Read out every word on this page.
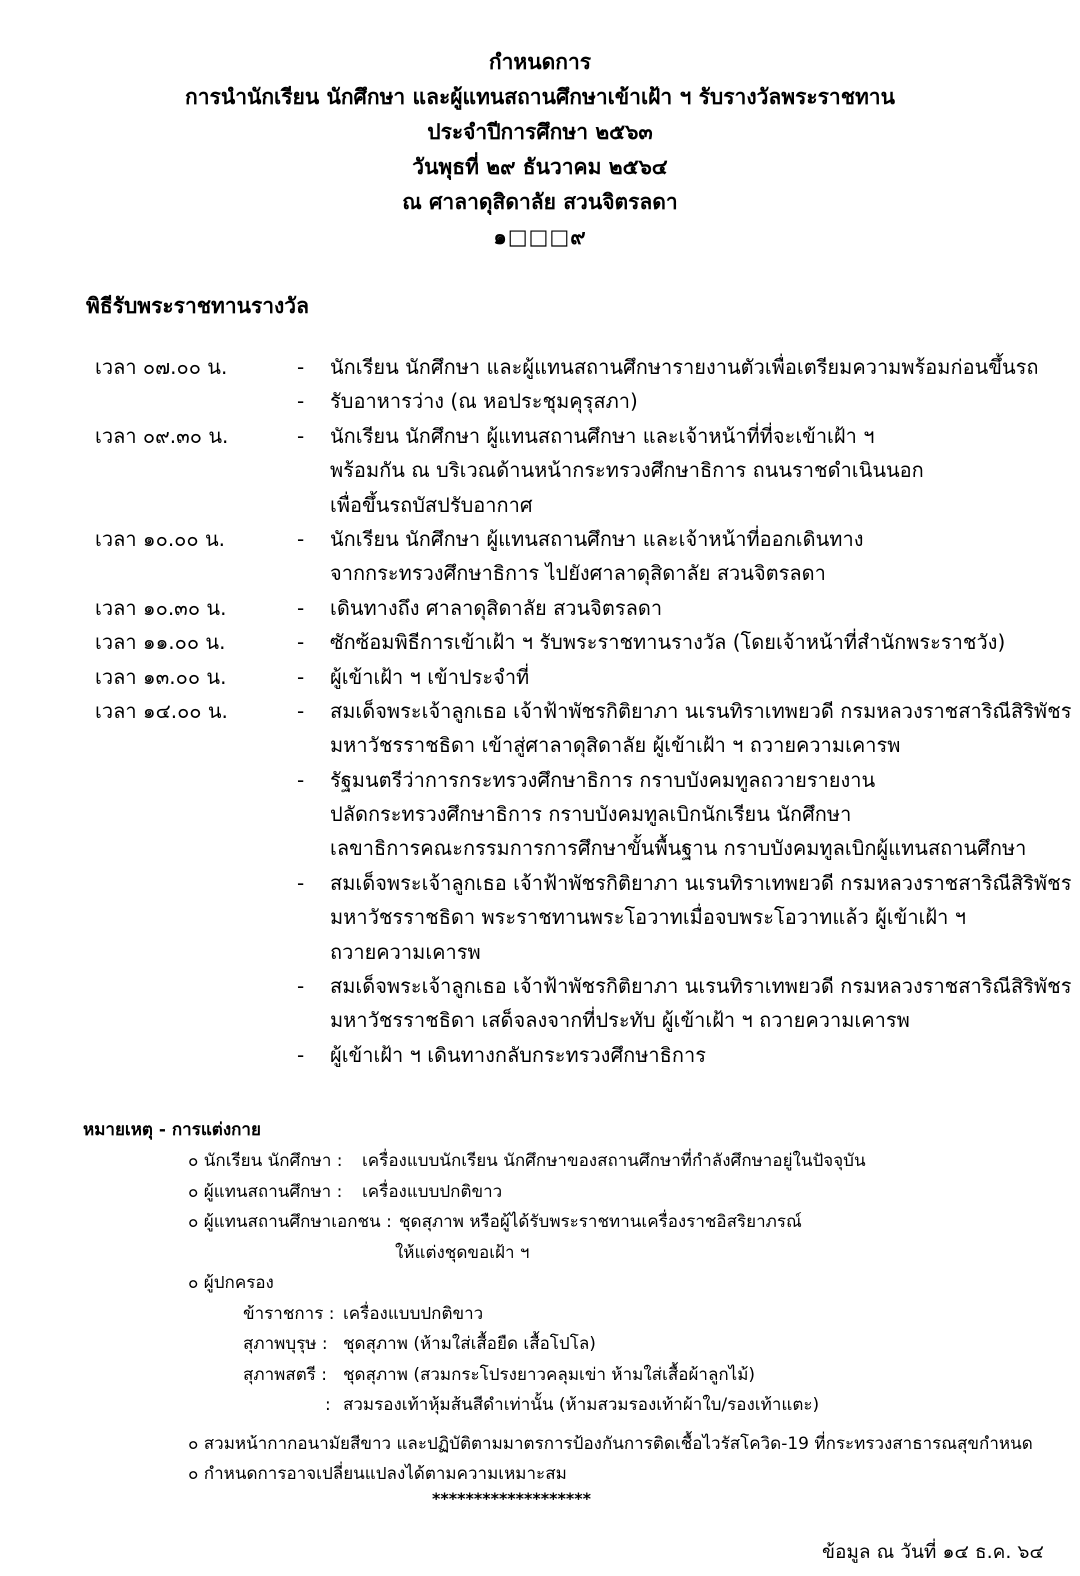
กำหนดการ
การนำนักเรียน นักศึกษา และผู้แทนสถานศึกษาเข้าเฝ้า ฯ รับรางวัลพระราชทาน
ประจำปีการศึกษา ๒๕๖๓
วันพุธที่ ๒๙ ธันวาคม ๒๕๖๔
ณ ศาลาดุสิดาลัย สวนจิตรลดา
๑□□□๙
พิธีรับพระราชทานรางวัล
เวลา ๐๗.๐๐ น.	- นักเรียน นักศึกษา และผู้แทนสถานศึกษารายงานตัวเพื่อเตรียมความพร้อมก่อนขึ้นรถ
- รับอาหารว่าง (ณ หอประชุมคุรุสภา)
เวลา ๐๙.๓๐ น.	- นักเรียน นักศึกษา ผู้แทนสถานศึกษา และเจ้าหน้าที่ที่จะเข้าเฝ้า ฯ
พร้อมกัน ณ บริเวณด้านหน้ากระทรวงศึกษาธิการ ถนนราชดำเนินนอก
เพื่อขึ้นรถบัสปรับอากาศ
เวลา ๑๐.๐๐ น.	- นักเรียน นักศึกษา ผู้แทนสถานศึกษา และเจ้าหน้าที่ออกเดินทาง
จากกระทรวงศึกษาธิการ ไปยังศาลาดุสิดาลัย สวนจิตรลดา
เวลา ๑๐.๓๐ น.	- เดินทางถึง ศาลาดุสิดาลัย สวนจิตรลดา
เวลา ๑๑.๐๐ น.	- ซักซ้อมพิธีการเข้าเฝ้า ฯ รับพระราชทานรางวัล (โดยเจ้าหน้าที่สำนักพระราชวัง)
เวลา ๑๓.๐๐ น.	- ผู้เข้าเฝ้า ฯ เข้าประจำที่
เวลา ๑๔.๐๐ น.	- สมเด็จพระเจ้าลูกเธอ เจ้าฟ้าพัชรกิติยาภา นเรนทิราเทพยวดี กรมหลวงราชสาริณีสิริพัชร
มหาวัชรราชธิดา เข้าสู่ศาลาดุสิดาลัย ผู้เข้าเฝ้า ฯ ถวายความเคารพ
- รัฐมนตรีว่าการกระทรวงศึกษาธิการ กราบบังคมทูลถวายรายงาน
ปลัดกระทรวงศึกษาธิการ กราบบังคมทูลเบิกนักเรียน นักศึกษา
เลขาธิการคณะกรรมการการศึกษาขั้นพื้นฐาน กราบบังคมทูลเบิกผู้แทนสถานศึกษา
- สมเด็จพระเจ้าลูกเธอ เจ้าฟ้าพัชรกิติยาภา นเรนทิราเทพยวดี กรมหลวงราชสาริณีสิริพัชร
มหาวัชรราชธิดา พระราชทานพระโอวาทเมื่อจบพระโอวาทแล้ว ผู้เข้าเฝ้า ฯ
ถวายความเคารพ
- สมเด็จพระเจ้าลูกเธอ เจ้าฟ้าพัชรกิติยาภา นเรนทิราเทพยวดี กรมหลวงราชสาริณีสิริพัชร
มหาวัชรราชธิดา เสด็จลงจากที่ประทับ ผู้เข้าเฝ้า ฯ ถวายความเคารพ
- ผู้เข้าเฝ้า ฯ เดินทางกลับกระทรวงศึกษาธิการ
หมายเหตุ - การแต่งกาย
๐ นักเรียน นักศึกษา : เครื่องแบบนักเรียน นักศึกษาของสถานศึกษาที่กำลังศึกษาอยู่ในปัจจุบัน
๐ ผู้แทนสถานศึกษา : เครื่องแบบปกติขาว
๐ ผู้แทนสถานศึกษาเอกชน : ชุดสุภาพ หรือผู้ได้รับพระราชทานเครื่องราชอิสริยาภรณ์
ให้แต่งชุดขอเฝ้า ฯ
๐ ผู้ปกครอง
ข้าราชการ : เครื่องแบบปกติขาว
สุภาพบุรุษ : ชุดสุภาพ (ห้ามใส่เสื้อยืด เสื้อโปโล)
สุภาพสตรี : ชุดสุภาพ (สวมกระโปรงยาวคลุมเข่า ห้ามใส่เสื้อผ้าลูกไม้)
: สวมรองเท้าหุ้มส้นสีดำเท่านั้น (ห้ามสวมรองเท้าผ้าใบ/รองเท้าแตะ)
๐ สวมหน้ากากอนามัยสีขาว และปฏิบัติตามมาตรการป้องกันการติดเชื้อไวรัสโควิด-19 ที่กระทรวงสาธารณสุขกำหนด
๐ กำหนดการอาจเปลี่ยนแปลงได้ตามความเหมาะสม
*******************
ข้อมูล ณ วันที่ ๑๔ ธ.ค. ๖๔
